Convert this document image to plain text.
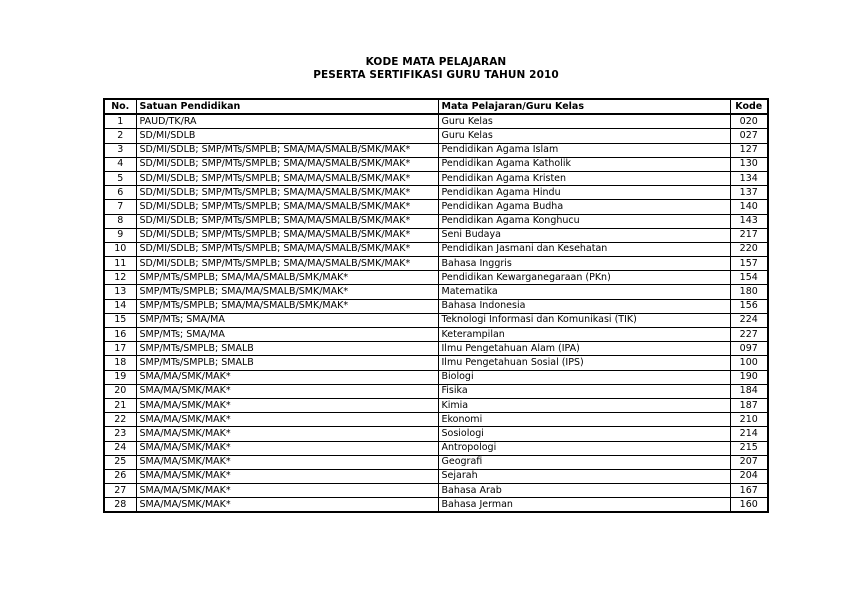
KODE MATA PELAJARAN
PESERTA SERTIFIKASI GURU TAHUN 2010
No.	Satuan Pendidikan	Mata Pelajaran/Guru Kelas	Kode
1	PAUD/TK/RA	Guru Kelas	020
2	SD/MI/SDLB	Guru Kelas	027
3	SD/MI/SDLB; SMP/MTs/SMPLB; SMA/MA/SMALB/SMK/MAK*	Pendidikan Agama Islam	127
4	SD/MI/SDLB; SMP/MTs/SMPLB; SMA/MA/SMALB/SMK/MAK*	Pendidikan Agama Katholik	130
5	SD/MI/SDLB; SMP/MTs/SMPLB; SMA/MA/SMALB/SMK/MAK*	Pendidikan Agama Kristen	134
6	SD/MI/SDLB; SMP/MTs/SMPLB; SMA/MA/SMALB/SMK/MAK*	Pendidikan Agama Hindu	137
7	SD/MI/SDLB; SMP/MTs/SMPLB; SMA/MA/SMALB/SMK/MAK*	Pendidikan Agama Budha	140
8	SD/MI/SDLB; SMP/MTs/SMPLB; SMA/MA/SMALB/SMK/MAK*	Pendidikan Agama Konghucu	143
9	SD/MI/SDLB; SMP/MTs/SMPLB; SMA/MA/SMALB/SMK/MAK*	Seni Budaya	217
10	SD/MI/SDLB; SMP/MTs/SMPLB; SMA/MA/SMALB/SMK/MAK*	Pendidikan Jasmani dan Kesehatan	220
11	SD/MI/SDLB; SMP/MTs/SMPLB; SMA/MA/SMALB/SMK/MAK*	Bahasa Inggris	157
12	SMP/MTs/SMPLB; SMA/MA/SMALB/SMK/MAK*	Pendidikan Kewarganegaraan (PKn)	154
13	SMP/MTs/SMPLB; SMA/MA/SMALB/SMK/MAK*	Matematika	180
14	SMP/MTs/SMPLB; SMA/MA/SMALB/SMK/MAK*	Bahasa Indonesia	156
15	SMP/MTs; SMA/MA	Teknologi Informasi dan Komunikasi (TIK)	224
16	SMP/MTs; SMA/MA	Keterampilan	227
17	SMP/MTs/SMPLB; SMALB	Ilmu Pengetahuan Alam (IPA)	097
18	SMP/MTs/SMPLB; SMALB	Ilmu Pengetahuan Sosial (IPS)	100
19	SMA/MA/SMK/MAK*	Biologi	190
20	SMA/MA/SMK/MAK*	Fisika	184
21	SMA/MA/SMK/MAK*	Kimia	187
22	SMA/MA/SMK/MAK*	Ekonomi	210
23	SMA/MA/SMK/MAK*	Sosiologi	214
24	SMA/MA/SMK/MAK*	Antropologi	215
25	SMA/MA/SMK/MAK*	Geografi	207
26	SMA/MA/SMK/MAK*	Sejarah	204
27	SMA/MA/SMK/MAK*	Bahasa Arab	167
28	SMA/MA/SMK/MAK*	Bahasa Jerman	160
